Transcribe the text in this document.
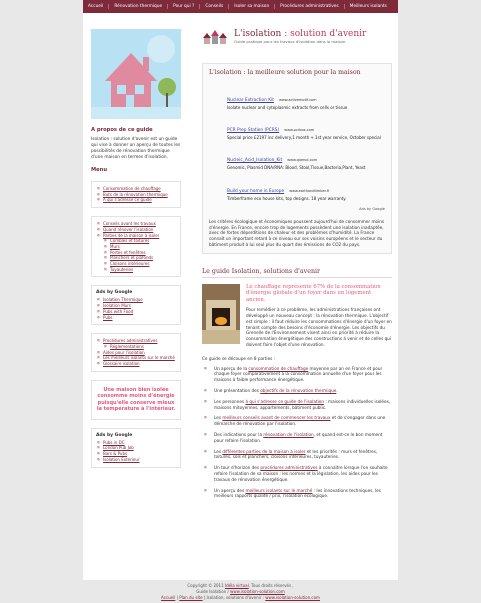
Accueil	Rénovation thermique	Pour qui ?	Conseils	Isoler sa maison	Procédures administratives	Meilleurs isolants
A propos de ce guide
Isolation : solution d'avenir est un guide qui vise à donner un aperçu de toutes les possibilités de rénovation thermique d'une maison en termes d'isolation.
Menu
■ Consommation de chauffage
■ Buts de la rénovation thermique
■ A qui s'adresse ce guide
■ Conseils avant les travaux
■ Quand rénover l'isolation
■ Parties de la maison à isoler
■ Combles et toitures
■ Murs
■ Portes et fenêtres
■ Planchers et plafonds
■ Cloisons intérieures
■ Tuyauteries
Ads by Google
■ Isolation Thermique
■ Isolation Murs
■ Pubs with Food
■ Pubs
■ Procédures administratives
■ Réglementations
■ Aides pour l'isolation
■ Les meilleurs isolants sur le marché
■ Glossaire isolation
Une maison bien isolée consomme moins d'énergie puisqu'elle conserve mieux la température à l'intérieur.
Ads by Google
■ Pubs in DC
■ London Pub Job
■ Bars & Pubs
■ Isolation Exterieur
L'isolation : solution d'avenir
Guide pratique pour les travaux d'isolation dans la maison.
L'isolation : la meilleure solution pour la maison
Nuclear Extraction Kit www.activemotif.com
Isolate nuclear and cytoplasmic extracts from cells or tissue
PCR Prep Station (PCRS) www.pcrbox.com
Special price £2197 inc delivery,1 month + 1st year service, October special
Nucleic_Acid_Isolation_Kit www.qiamol.com
Genomic, Plasmid DNA/RNA: Blood, Stool,Tissue,Bacteria,Plant, Yeast
Build your home in Europe www.earthandtimber.fi
Timberframe eco house kits, top designs. 18 year warranty.
Ads by Google
Les critères écologique et économiques poussent aujourd'hui de consommer moins d'énergie. En France, encore trop de logements possèdent une isolation inadaptée, avec de fortes déperditions de chaleur et des problèmes d'humidité. La France connaît un important retard à ce niveau sur ses voisins européens et le secteur du bâtiment produit à lui seul plus du quart des émissions de CO2 du pays.
Le guide Isolation, solutions d'avenir
Le chauffage représente 67% de la consommation d'énergie globale d'un foyer dans un logement ancien.
Pour remédier à ce problème, les administrations françaises ont développé un nouveau concept : la rénovation thermique. L'objectif est simple : il faut réduire les consommations d'énergie d'un foyer en tenant compte des besoins d'économie d'énergie. Les objectifs du Grenelle de l'Environnement visent ainsi en priorité à réduire la consommation énergétique des constructions à venir et de celles qui doivent faire l'objet d'une rénovation.
Ce guide se découpe en 8 parties :
■ Un aperçu de la consommation de chauffage moyenne par an en France et pour chaque foyer comparativement à la consommation annuelle d'un foyer pour les maisons à faible performance énergétique.
■ Une présentation des objectifs de la rénovation thermique.
■ Les personnes à qui s'adresse ce guide de l'isolation : maisons individuelles isolées, maisons mitoyennes, appartements, bâtiment public.
■ Les meilleurs conseils avant de commencer les travaux et de s'engager dans une démarche de rénovation par l'isolation.
■ Des indications pour la rénovation de l'isolation, et quand est-ce le bon moment pour refaire l'isolation.
■ Les différentes parties de la maison à isoler et les priorités : murs et fenêtres, toitures, sols et planchers, cloisons intérieures, tuyauteries.
■ Un tour d'horizon des procédures administratives à connaître lorsque l'on souhaite refaire l'isolation de sa maison : les normes et la législation, les aides pour les travaux de rénovation énergétique.
■ Un aperçu des meilleurs isolants sur le marché : les innovations techniques, les meilleurs rapports qualité / prix, l'isolation écologique.
Copyright © 2011 Idéla virtual, Tous droits réservés ,
Guide Isolation / www.isolation-solution.com
Accueil | Plan du site | Isolation, solutions d'avenir : www.isolation-solution.com
